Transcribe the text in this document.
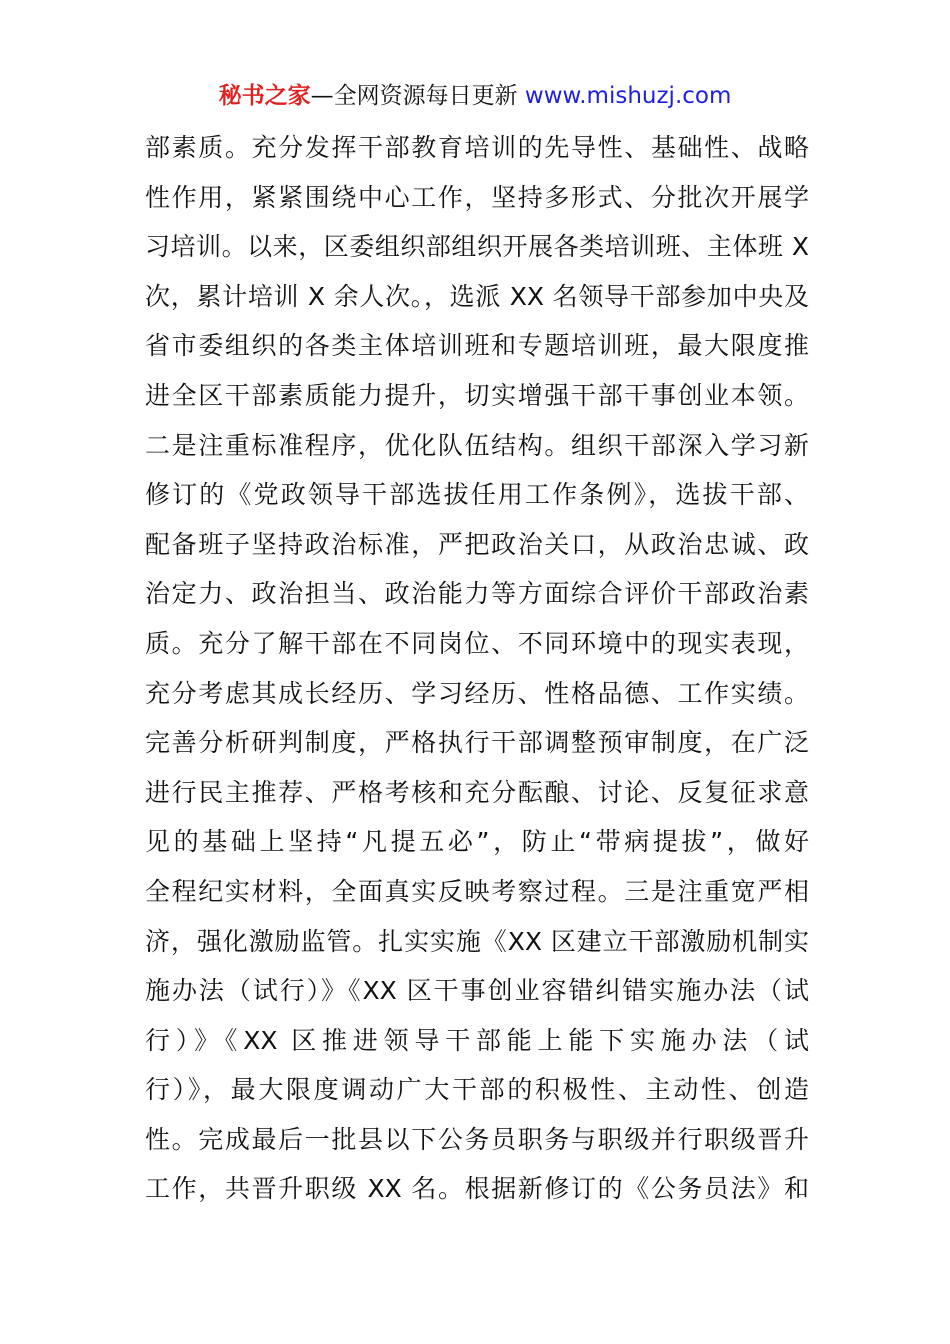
秘书之家—全网资源每日更新 www.mishuzj.com
部素质。充分发挥干部教育培训的先导性、基础性、战略
性作用，紧紧围绕中心工作，坚持多形式、分批次开展学
习培训。以来，区委组织部组织开展各类培训班、主体班 X
次，累计培训 X 余人次。，选派 XX 名领导干部参加中央及
省市委组织的各类主体培训班和专题培训班，最大限度推
进全区干部素质能力提升，切实增强干部干事创业本领。
二是注重标准程序，优化队伍结构。组织干部深入学习新
修订的《党政领导干部选拔任用工作条例》，选拔干部、
配备班子坚持政治标准，严把政治关口，从政治忠诚、政
治定力、政治担当、政治能力等方面综合评价干部政治素
质。充分了解干部在不同岗位、不同环境中的现实表现，
充分考虑其成长经历、学习经历、性格品德、工作实绩。
完善分析研判制度，严格执行干部调整预审制度，在广泛
进行民主推荐、严格考核和充分酝酿、讨论、反复征求意
见的基础上坚持“凡提五必”，防止“带病提拔”，做好
全程纪实材料，全面真实反映考察过程。三是注重宽严相
济，强化激励监管。扎实实施《XX 区建立干部激励机制实
施办法（试行）》《XX 区干事创业容错纠错实施办法（试
行）》《XX 区推进领导干部能上能下实施办法（试
行）》，最大限度调动广大干部的积极性、主动性、创造
性。完成最后一批县以下公务员职务与职级并行职级晋升
工作，共晋升职级 XX 名。根据新修订的《公务员法》和
